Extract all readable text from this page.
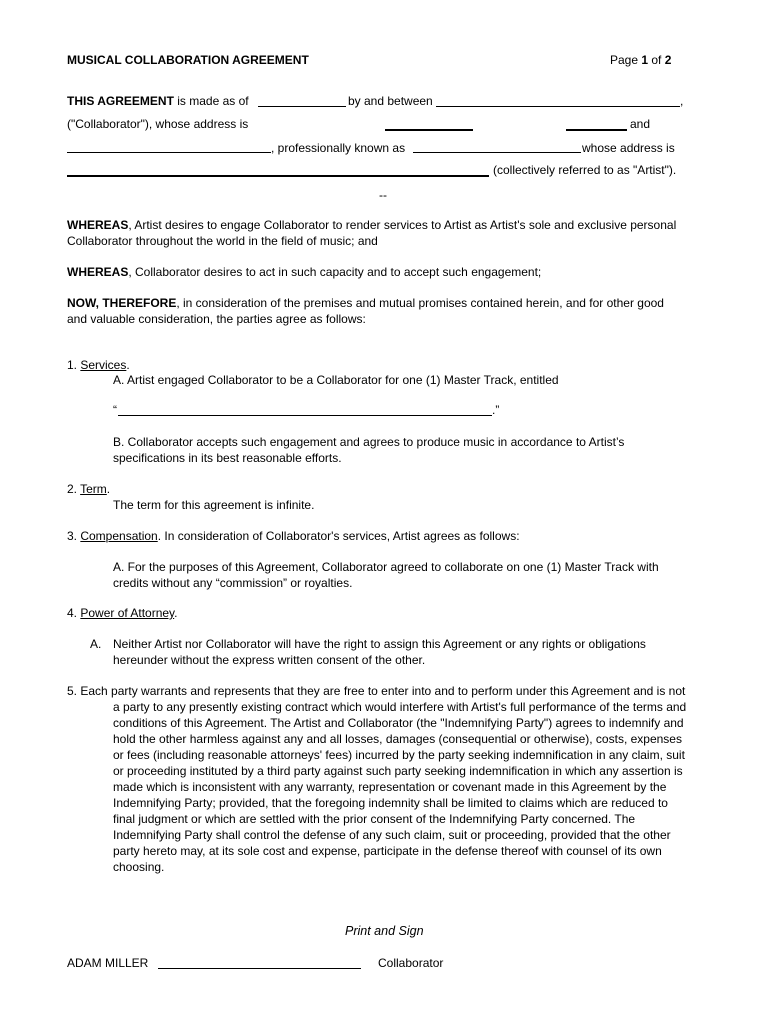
MUSICAL COLLABORATION AGREEMENT	Page 1 of 2
THIS AGREEMENT is made as of	by and between	,
("Collaborator"), whose address is	and
, professionally known as	whose address is
(collectively referred to as "Artist").
--
WHEREAS, Artist desires to engage Collaborator to render services to Artist as Artist's sole and exclusive personal
Collaborator throughout the world in the field of music; and
WHEREAS, Collaborator desires to act in such capacity and to accept such engagement;
NOW, THEREFORE, in consideration of the premises and mutual promises contained herein, and for other good
and valuable consideration, the parties agree as follows:
1. Services.
A. Artist engaged Collaborator to be a Collaborator for one (1) Master Track, entitled
“	.”
B. Collaborator accepts such engagement and agrees to produce music in accordance to Artist’s
specifications in its best reasonable efforts.
2. Term.
The term for this agreement is infinite.
3. Compensation. In consideration of Collaborator's services, Artist agrees as follows:
A. For the purposes of this Agreement, Collaborator agreed to collaborate on one (1) Master Track with
credits without any “commission” or royalties.
4. Power of Attorney.
A. Neither Artist nor Collaborator will have the right to assign this Agreement or any rights or obligations
hereunder without the express written consent of the other.
5. Each party warrants and represents that they are free to enter into and to perform under this Agreement and is not
a party to any presently existing contract which would interfere with Artist's full performance of the terms and
conditions of this Agreement. The Artist and Collaborator (the "Indemnifying Party") agrees to indemnify and
hold the other harmless against any and all losses, damages (consequential or otherwise), costs, expenses
or fees (including reasonable attorneys' fees) incurred by the party seeking indemnification in any claim, suit
or proceeding instituted by a third party against such party seeking indemnification in which any assertion is
made which is inconsistent with any warranty, representation or covenant made in this Agreement by the
Indemnifying Party; provided, that the foregoing indemnity shall be limited to claims which are reduced to
final judgment or which are settled with the prior consent of the Indemnifying Party concerned. The
Indemnifying Party shall control the defense of any such claim, suit or proceeding, provided that the other
party hereto may, at its sole cost and expense, participate in the defense thereof with counsel of its own
choosing.
Print and Sign
ADAM MILLER	Collaborator
